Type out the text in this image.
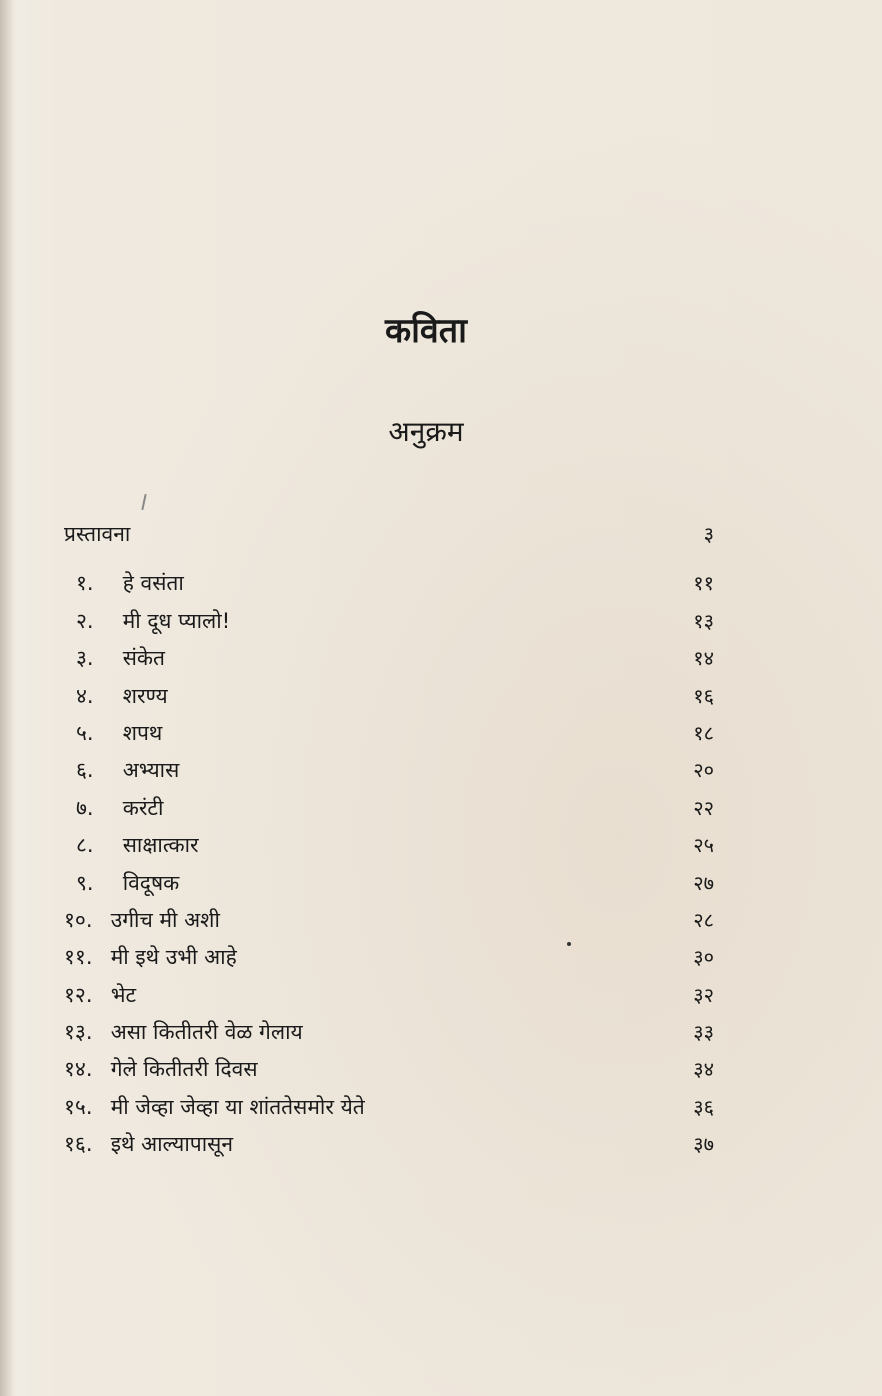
कविता
अनुक्रम
प्रस्तावना	३
१. हे वसंता	११
२. मी दूध प्यालो!	१३
३. संकेत	१४
४. शरण्य	१६
५. शपथ	१८
६. अभ्यास	२०
७. करंटी	२२
८. साक्षात्कार	२५
९. विदूषक	२७
१०. उगीच मी अशी	२८
११. मी इथे उभी आहे	३०
१२. भेट	३२
१३. असा कितीतरी वेळ गेलाय	३३
१४. गेले कितीतरी दिवस	३४
१५. मी जेव्हा जेव्हा या शांततेसमोर येते	३६
१६. इथे आल्यापासून	३७
